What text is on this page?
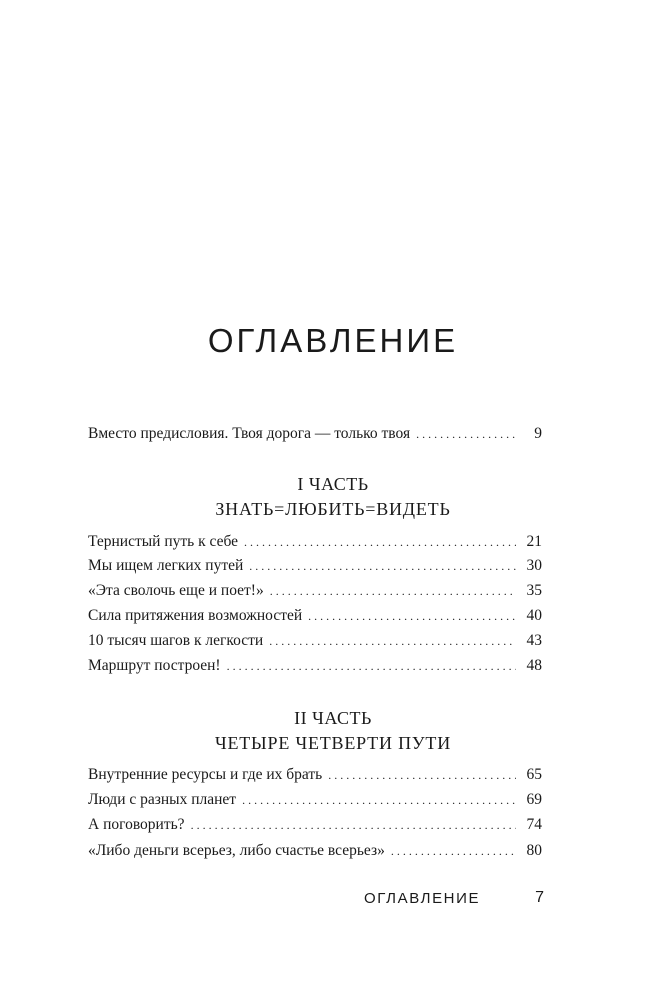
ОГЛАВЛЕНИЕ
Вместо предисловия. Твоя дорога — только твоя . . .	9
I ЧАСТЬ
ЗНАТЬ=ЛЮБИТЬ=ВИДЕТЬ
Тернистый путь к себе . . .	21
Мы ищем легких путей . . .	30
«Эта сволочь еще и поет!» . . .	35
Сила притяжения возможностей . . .	40
10 тысяч шагов к легкости . . .	43
Маршрут построен! . . .	48
II ЧАСТЬ
ЧЕТЫРЕ ЧЕТВЕРТИ ПУТИ
Внутренние ресурсы и где их брать . . .	65
Люди с разных планет . . .	69
А поговорить? . . .	74
«Либо деньги всерьез, либо счастье всерьез» . . .	80
ОГЛАВЛЕНИЕ	7
